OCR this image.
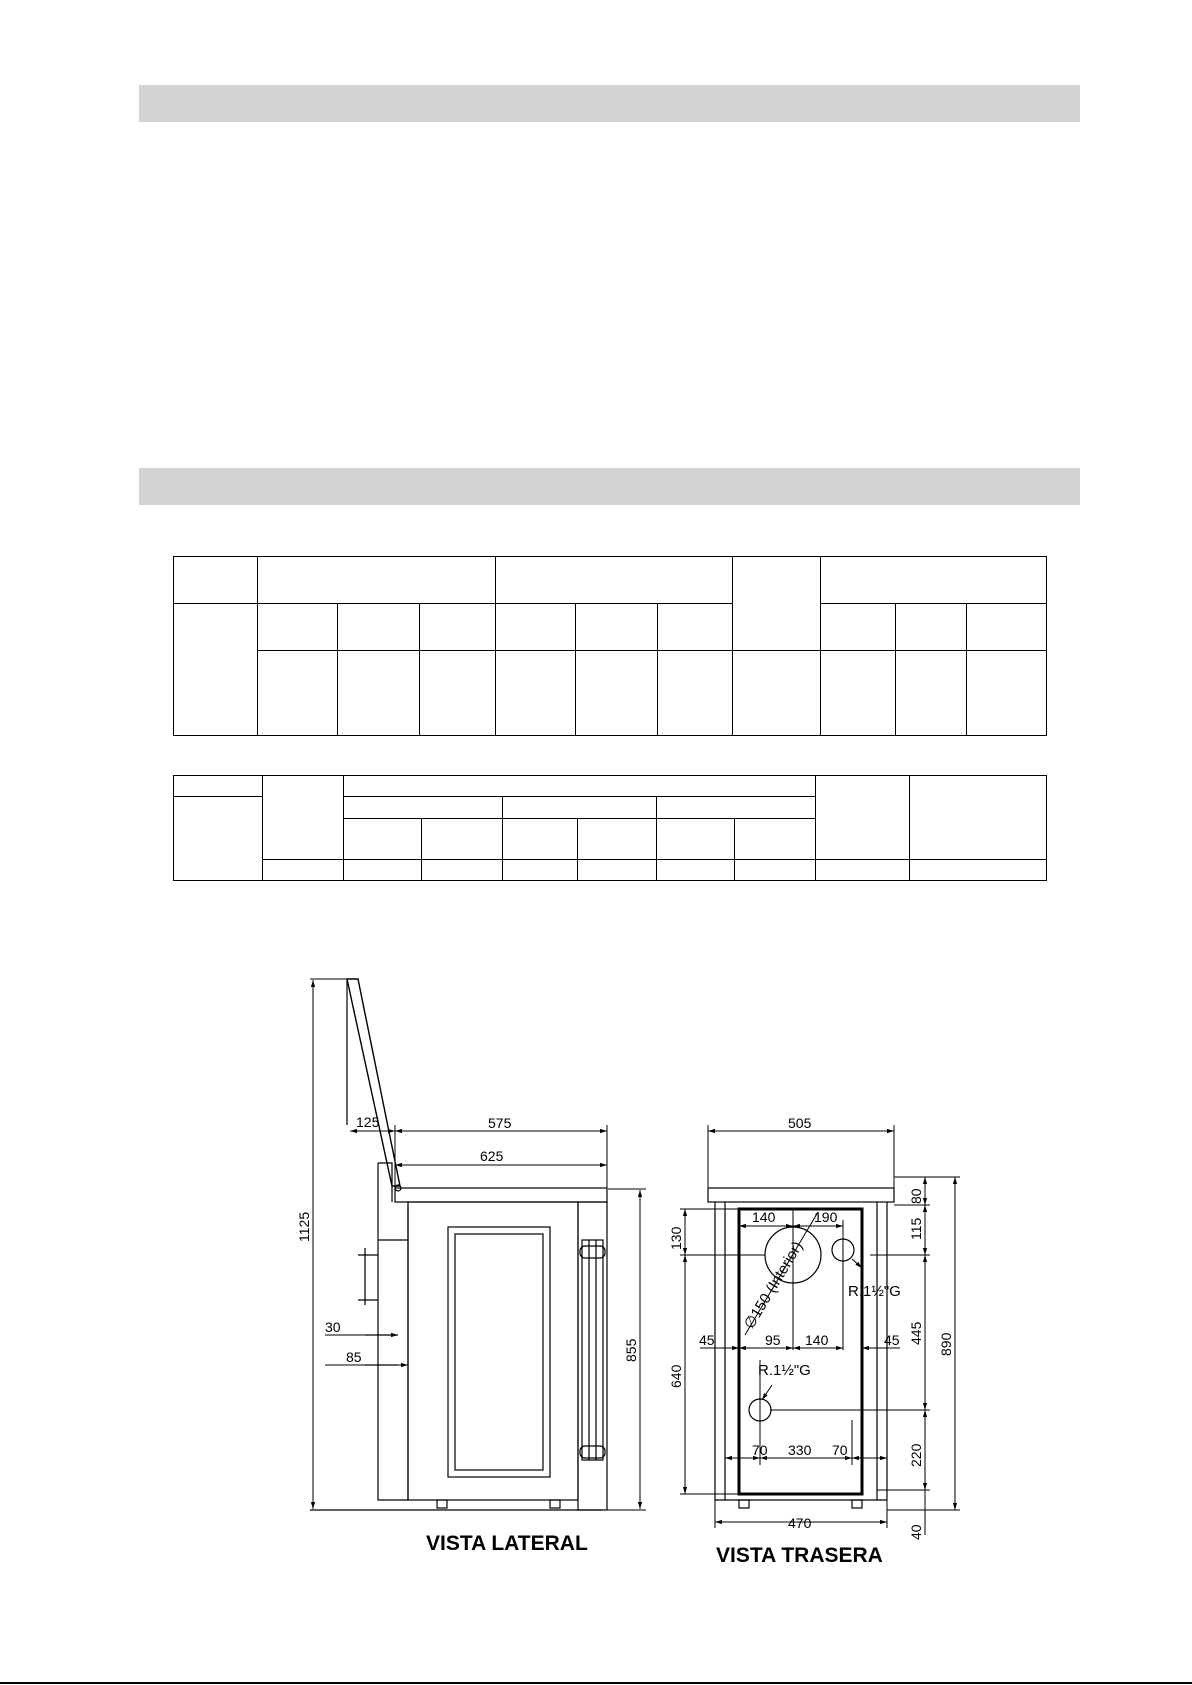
125	575
625
855
1125
30
85
VISTA LATERAL
505
80
115
445 890
220
40
130
640
140	190
45	95 140	45
70 330 70
470
∅150 (Interior)	R.1½"G
R.1½"G
VISTA TRASERA
